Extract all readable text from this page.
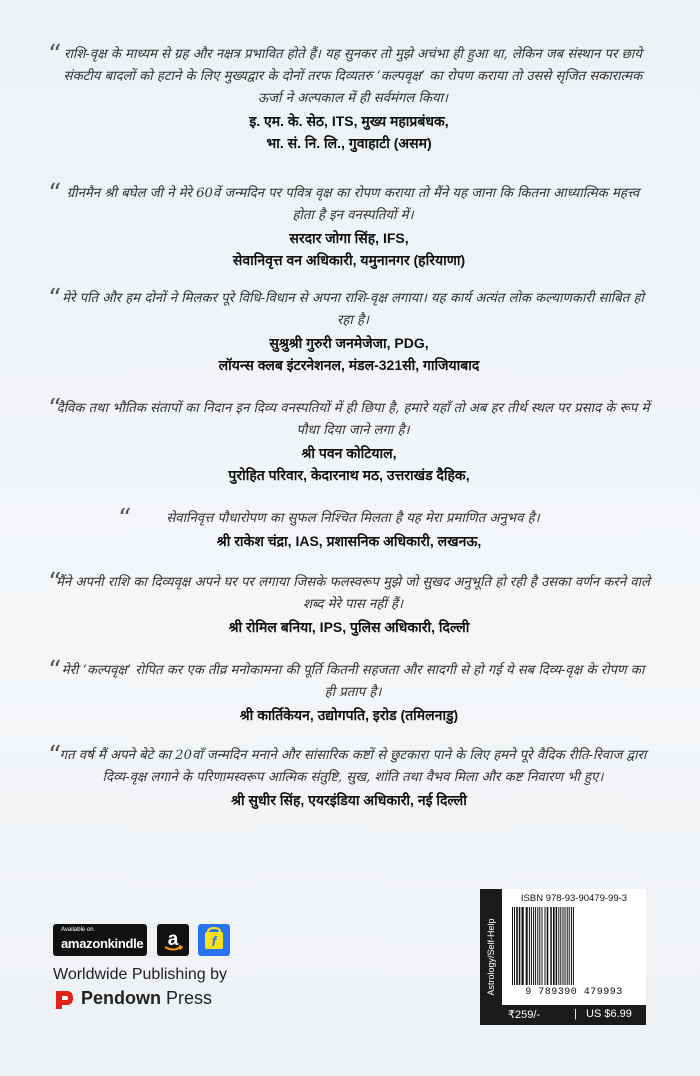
“ राशि-वृक्ष के माध्यम से ग्रह और नक्षत्र प्रभावित होते हैं। यह सुनकर तो मुझे अचंभा ही हुआ था, लेकिन जब संस्थान पर छाये संकटीय बादलों को हटाने के लिए मुख्यद्वार के दोनों तरफ दिव्यतरु ‘कल्पवृक्ष’ का रोपण कराया तो उससे सृजित सकारात्मक ऊर्जा ने अल्पकाल में ही सर्वमंगल किया।

इ. एम. के. सेठ, ITS, मुख्य महाप्रबंधक,

भा. सं. नि. लि., गुवाहाटी (असम)

“ ग्रीनमैन श्री बघेल जी ने मेरे 60वें जन्मदिन पर पवित्र वृक्ष का रोपण कराया तो मैंने यह जाना कि कितना आध्यात्मिक महत्त्व होता है इन वनस्पतियों में।

सरदार जोगा सिंह, IFS,

सेवानिवृत्त वन अधिकारी, यमुनानगर (हरियाणा)

“ मेरे पति और हम दोनों ने मिलकर पूरे विधि-विधान से अपना राशि-वृक्ष लगाया। यह कार्य अत्यंत लोक कल्याणकारी साबित हो रहा है।

सुश्रुश्री गुरुरी जनमेजेजा, PDG,

लॉयन्स क्लब इंटरनेशनल, मंडल-321सी, गाजियाबाद

“

दैविक तथा भौतिक संतापों का निदान इन दिव्य वनस्पतियों में ही छिपा है, हमारे यहाँ तो अब हर तीर्थ स्थल पर प्रसाद के रूप में पौधा दिया जाने लगा है।

श्री पवन कोटियाल,

पुरोहित परिवार, केदारनाथ मठ, उत्तराखंड दैहिक,

“	सेवानिवृत्त पौधारोपण का सुफल निश्चित मिलता है यह मेरा प्रमाणित अनुभव है।

श्री राकेश चंद्रा, IAS, प्रशासनिक अधिकारी, लखनऊ,

“

मैंने अपनी राशि का दिव्यवृक्ष अपने घर पर लगाया जिसके फलस्वरूप मुझे जो सुखद अनुभूति हो रही है उसका वर्णन करने वाले शब्द मेरे पास नहीं हैं।

श्री रोमिल बनिया, IPS, पुलिस अधिकारी, दिल्ली

“ मेरी ‘कल्पवृक्ष’ रोपित कर एक तीव्र मनोकामना की पूर्ति कितनी सहजता और सादगी से हो गई ये सब दिव्य-वृक्ष के रोपण का ही प्रताप है।

श्री कार्तिकेयन, उद्योगपति, इरोड (तमिलनाडु)

“

गत वर्ष मैं अपने बेटे का 20वाँ जन्मदिन मनाने और सांसारिक कष्टों से छुटकारा पाने के लिए हमने पूरे वैदिक रीति-रिवाज द्वारा दिव्य-वृक्ष लगाने के परिणामस्वरूप आत्मिक संतुष्टि, सुख, शांति तथा वैभव मिला और कष्ट निवारण भी हुए।

श्री सुधीर सिंह, एयरइंडिया अधिकारी, नई दिल्ली

Available on
amazonkindle a f
Worldwide Publishing by
Pendown Press
Astrology/Self-Help
ISBN 978-93-90479-99-3
9 789390 479993
₹259/-	| US $6.99
